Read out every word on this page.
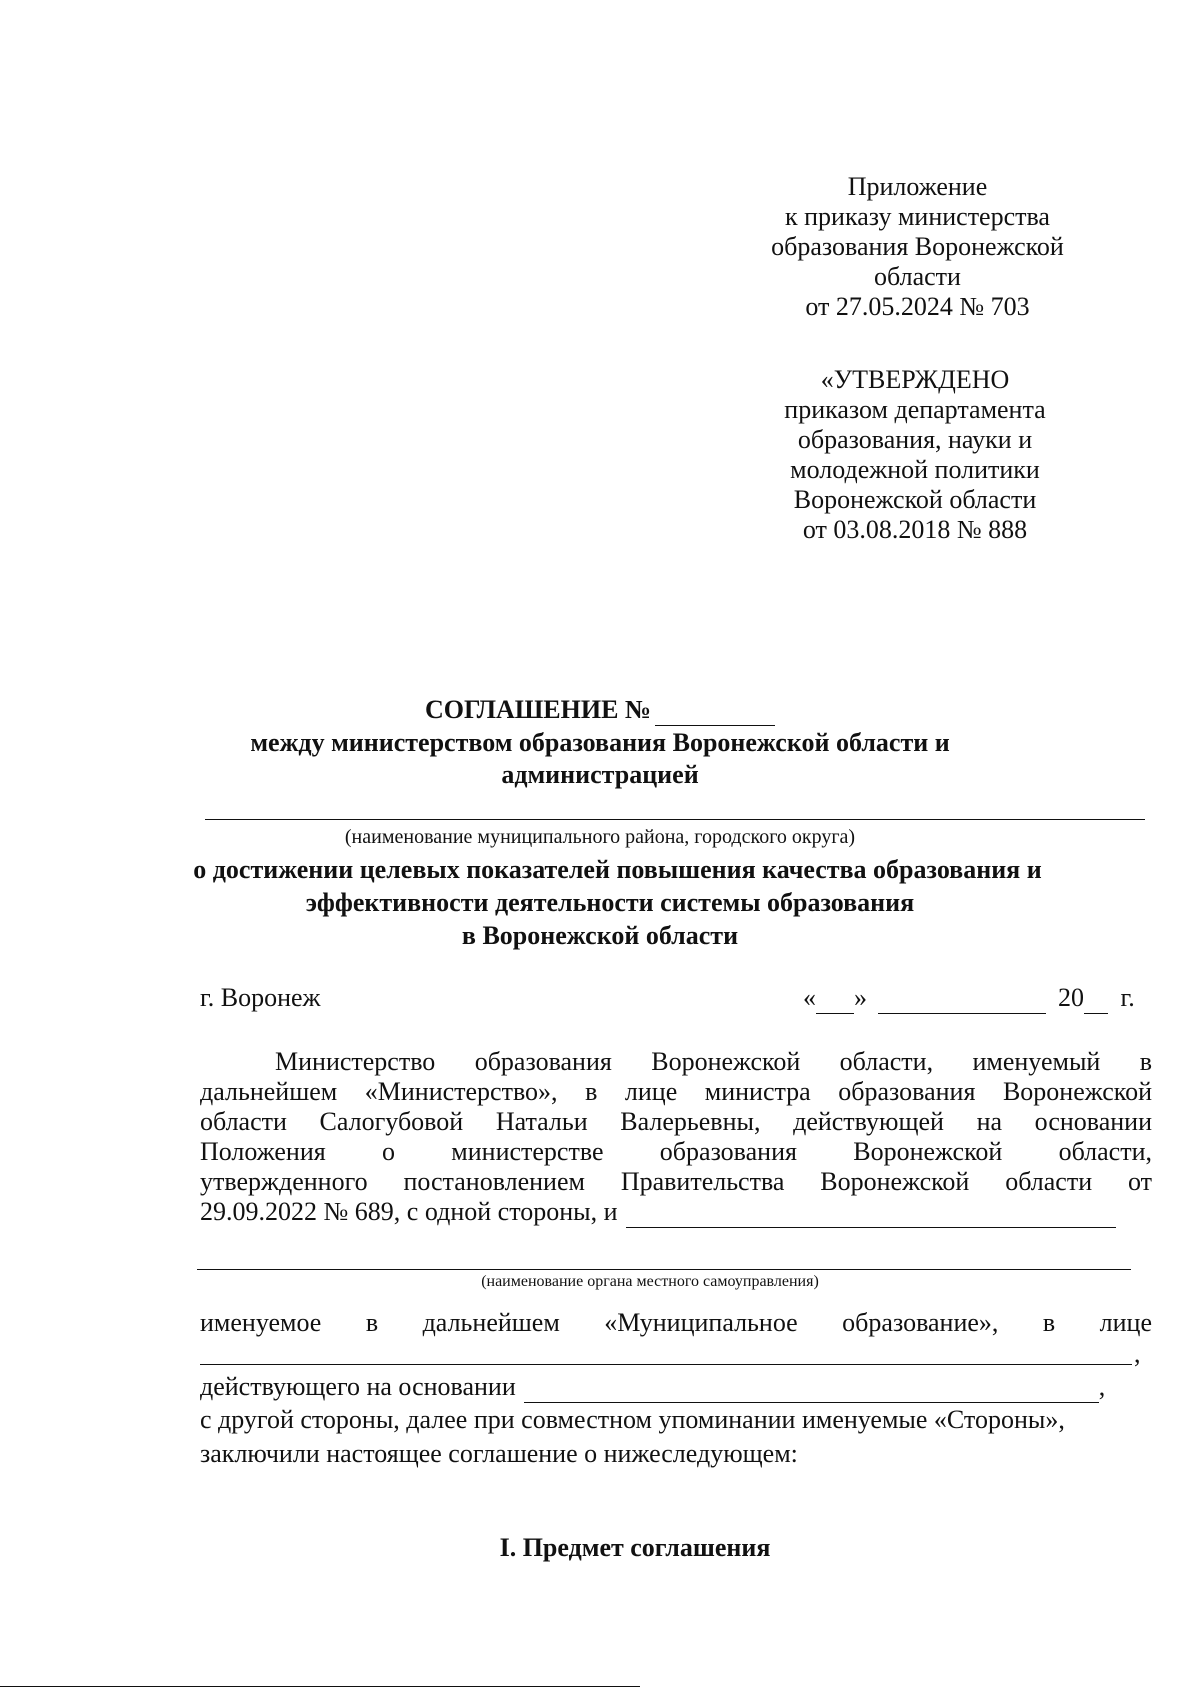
Приложение
к приказу министерства
образования Воронежской
области
от 27.05.2024 № 703
«УТВЕРЖДЕНО
приказом департамента
образования, науки и
молодежной политики
Воронежской области
от 03.08.2018 № 888
СОГЛАШЕНИЕ №
между министерством образования Воронежской области и
администрацией
(наименование муниципального района, городского округа)
о достижении целевых показателей повышения качества образования и
эффективности деятельности системы образования
в Воронежской области
г. Воронеж	« »	20 г.
Министерство образования Воронежской области, именуемый в
дальнейшем «Министерство», в лице министра образования Воронежской
области Салогубовой Натальи Валерьевны, действующей на основании
Положения о министерстве образования Воронежской области,
утвержденного постановлением Правительства Воронежской области от
29.09.2022 № 689, с одной стороны, и
(наименование органа местного самоуправления)
именуемое в дальнейшем «Муниципальное образование», в лице
,
действующего на основании	,
с другой стороны, далее при совместном упоминании именуемые «Стороны»,
заключили настоящее соглашение о нижеследующем:
I. Предмет соглашения
